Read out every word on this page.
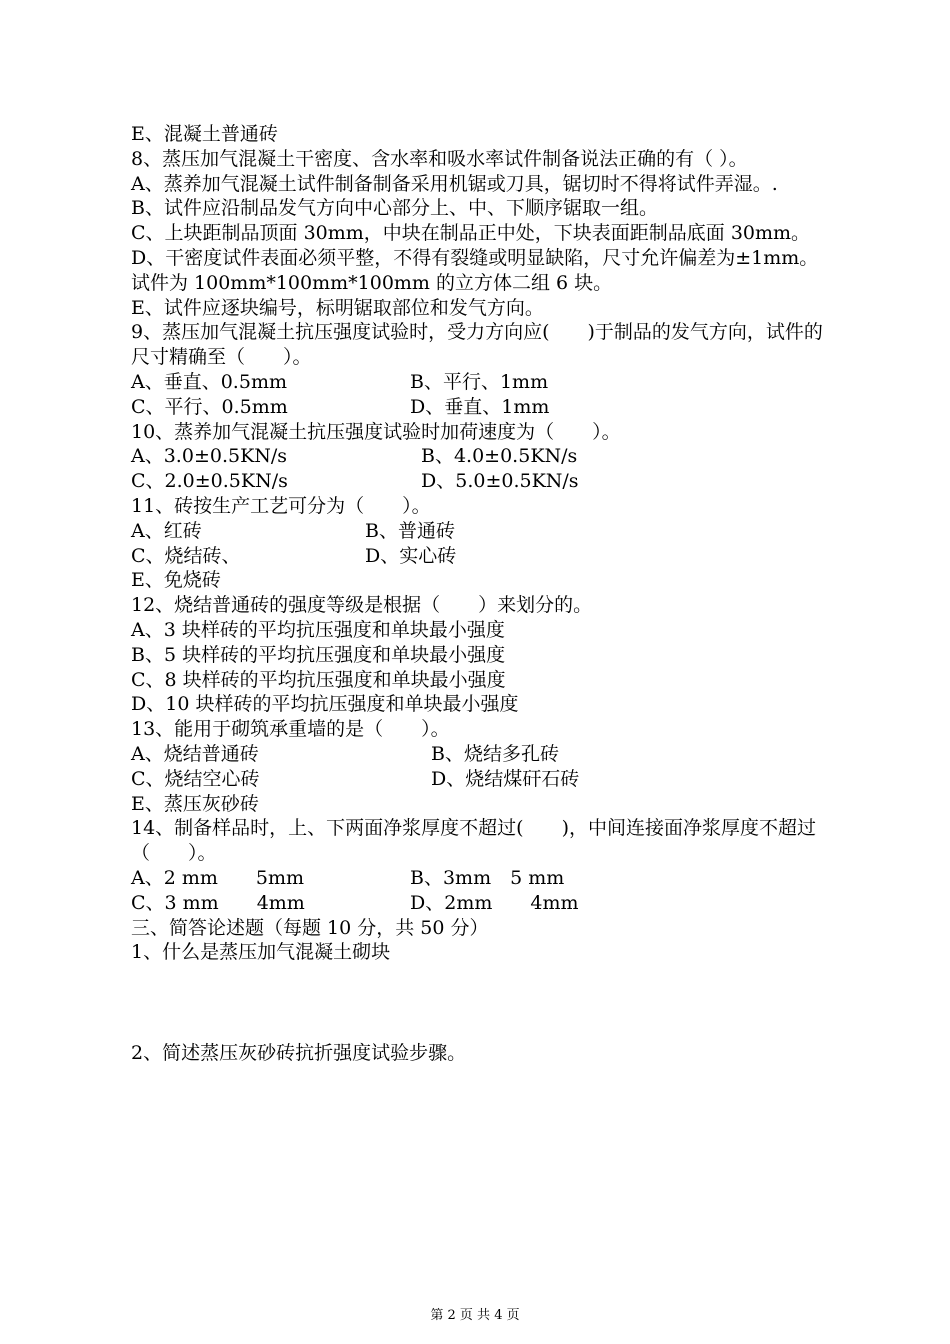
E、混凝土普通砖
8、蒸压加气混凝土干密度、含水率和吸水率试件制备说法正确的有（ ）。
A、蒸养加气混凝土试件制备制备采用机锯或刀具，锯切时不得将试件弄湿。.
B、试件应沿制品发气方向中心部分上、中、下顺序锯取一组。
C、上块距制品顶面 30mm，中块在制品正中处，下块表面距制品底面 30mm。
D、干密度试件表面必须平整，不得有裂缝或明显缺陷，尺寸允许偏差为±1mm。试件为 100mm*100mm*100mm 的立方体二组 6 块。
E、试件应逐块编号，标明锯取部位和发气方向。
9、蒸压加气混凝土抗压强度试验时，受力方向应(　　)于制品的发气方向，试件的尺寸精确至（　　）。
A、垂直、0.5mm	B、平行、1mm
C、平行、0.5mm	D、垂直、1mm
10、蒸养加气混凝土抗压强度试验时加荷速度为（　　）。
A、3.0±0.5KN/s	B、4.0±0.5KN/s
C、2.0±0.5KN/s	D、5.0±0.5KN/s
11、砖按生产工艺可分为（　　）。
A、红砖	B、普通砖
C、烧结砖、	D、实心砖
E、免烧砖
12、烧结普通砖的强度等级是根据（　　）来划分的。
A、3 块样砖的平均抗压强度和单块最小强度
B、5 块样砖的平均抗压强度和单块最小强度
C、8 块样砖的平均抗压强度和单块最小强度
D、10 块样砖的平均抗压强度和单块最小强度
13、能用于砌筑承重墙的是（　　）。
A、烧结普通砖	B、烧结多孔砖
C、烧结空心砖	D、烧结煤矸石砖
E、蒸压灰砂砖
14、制备样品时，上、下两面净浆厚度不超过(　　)，中间连接面净浆厚度不超过（　　）。
A、2 mm　　5mm	B、3mm　5 mm
C、3 mm　　4mm	D、2mm　　4mm
三、简答论述题（每题 10 分，共 50 分）
1、什么是蒸压加气混凝土砌块
2、简述蒸压灰砂砖抗折强度试验步骤。
第 2 页 共 4 页
